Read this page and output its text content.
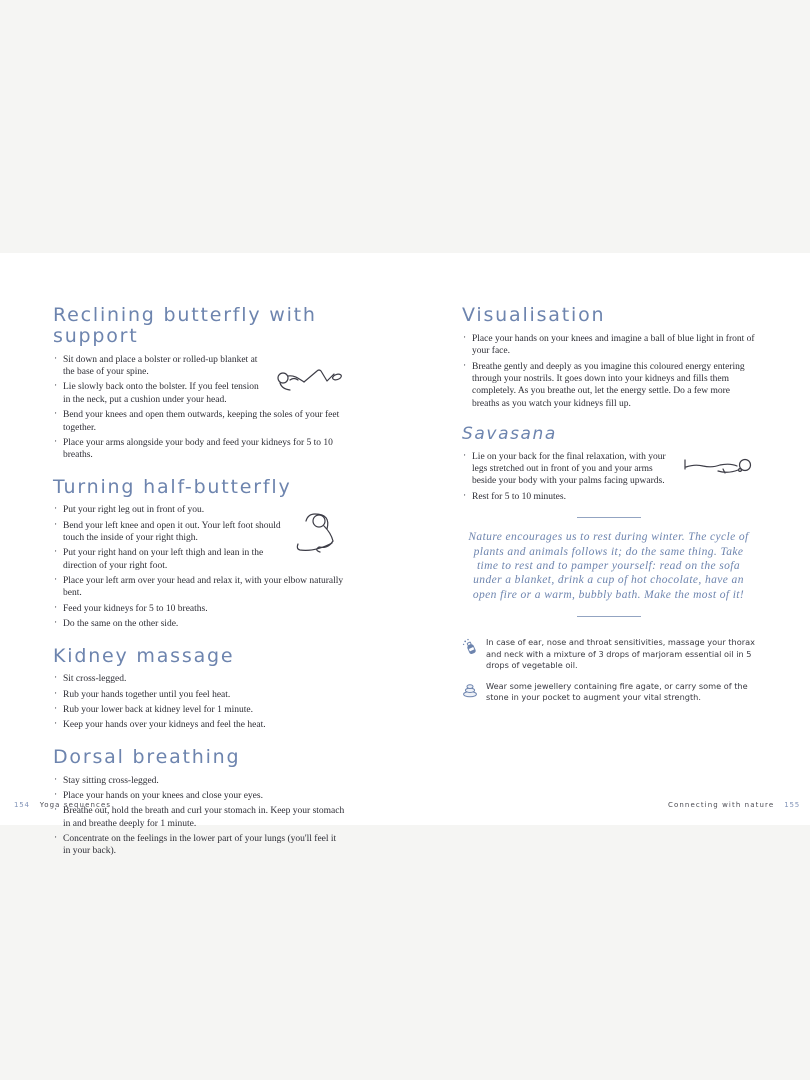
Reclining butterfly with support
· Sit down and place a bolster or rolled-up blanket at the base of your spine.
· Lie slowly back onto the bolster. If you feel tension in the neck, put a cushion under your head.
· Bend your knees and open them outwards, keeping the soles of your feet together.
· Place your arms alongside your body and feed your kidneys for 5 to 10 breaths.
Turning half-butterfly
· Put your right leg out in front of you.
· Bend your left knee and open it out. Your left foot should touch the inside of your right thigh.
· Put your right hand on your left thigh and lean in the direction of your right foot.
· Place your left arm over your head and relax it, with your elbow naturally bent.
· Feed your kidneys for 5 to 10 breaths.
· Do the same on the other side.
Kidney massage
· Sit cross-legged.
· Rub your hands together until you feel heat.
· Rub your lower back at kidney level for 1 minute.
· Keep your hands over your kidneys and feel the heat.
Dorsal breathing
· Stay sitting cross-legged.
· Place your hands on your knees and close your eyes.
· Breathe out, hold the breath and curl your stomach in. Keep your stomach in and breathe deeply for 1 minute.
· Concentrate on the feelings in the lower part of your lungs (you'll feel it in your back).
154 Yoga sequences
Visualisation
· Place your hands on your knees and imagine a ball of blue light in front of your face.
· Breathe gently and deeply as you imagine this coloured energy entering through your nostrils. It goes down into your kidneys and fills them completely. As you breathe out, let the energy settle. Do a few more breaths as you watch your kidneys fill up.
Savasana
· Lie on your back for the final relaxation, with your legs stretched out in front of you and your arms beside your body with your palms facing upwards.
· Rest for 5 to 10 minutes.

Nature encourages us to rest during winter. The cycle of plants and animals follows it; do the same thing. Take time to rest and to pamper yourself: read on the sofa under a blanket, drink a cup of hot chocolate, have an open fire or a warm, bubbly bath. Make the most of it!

In case of ear, nose and throat sensitivities, massage your thorax and neck with a mixture of 3 drops of marjoram essential oil in 5 drops of vegetable oil.
Wear some jewellery containing fire agate, or carry some of the stone in your pocket to augment your vital strength.
Connecting with nature 155
